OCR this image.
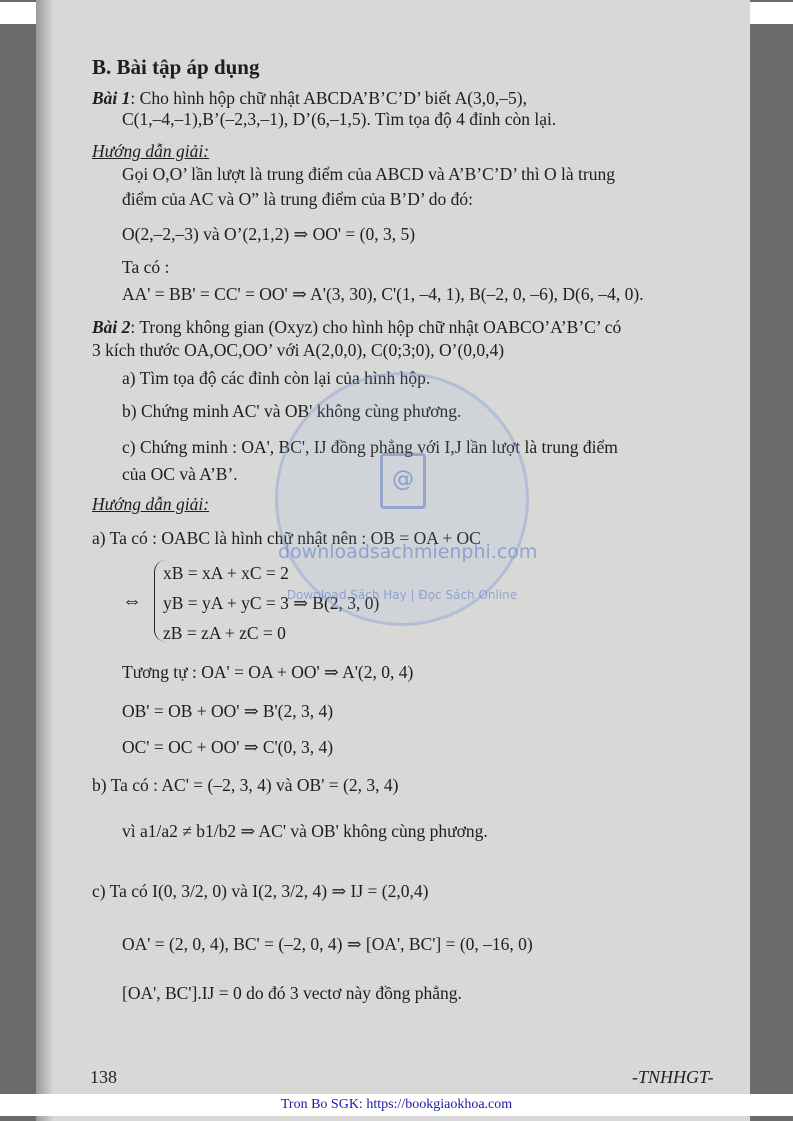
B. Bài tập áp dụng
Bài 1: Cho hình hộp chữ nhật ABCDA’B’C’D’ biết A(3,0,–5),
C(1,–4,–1),B’(–2,3,–1), D’(6,–1,5). Tìm tọa độ 4 đỉnh còn lại.
Hướng dẫn giải:
Gọi O,O’ lần lượt là trung điểm của ABCD và A’B’C’D’ thì O là trung
điểm của AC và O” là trung điểm của B’D’ do đó:
O(2,–2,–3) và O’(2,1,2) ⇒ OO' = (0, 3, 5)
Ta có :
AA' = BB' = CC' = OO' ⇒ A'(3, 30), C'(1, –4, 1), B(–2, 0, –6), D(6, –4, 0).
Bài 2: Trong không gian (Oxyz) cho hình hộp chữ nhật OABCO’A’B’C’ có
3 kích thước OA,OC,OO’ với A(2,0,0), C(0;3;0), O’(0,0,4)
a) Tìm tọa độ các đỉnh còn lại của hình hộp.
b) Chứng minh AC' và OB' không cùng phương.
c) Chứng minh : OA', BC', IJ đồng phẳng với I,J lần lượt là trung điểm
của OC và A’B’.
Hướng dẫn giải:
a) Ta có : OABC là hình chữ nhật nên : OB = OA + OC
⇔
xB = xA + xC = 2
yB = yA + yC = 3 ⇒ B(2, 3, 0)
zB = zA + zC = 0
Tương tự : OA' = OA + OO' ⇒ A'(2, 0, 4)
OB' = OB + OO' ⇒ B'(2, 3, 4)
OC' = OC + OO' ⇒ C'(0, 3, 4)
b) Ta có : AC' = (–2, 3, 4) và OB' = (2, 3, 4)
vì a1/a2 ≠ b1/b2 ⇒ AC' và OB' không cùng phương.
c) Ta có I(0, 3/2, 0) và I(2, 3/2, 4) ⇒ IJ = (2,0,4)
OA' = (2, 0, 4), BC' = (–2, 0, 4) ⇒ [OA', BC'] = (0, –16, 0)
[OA', BC'].IJ = 0 do đó 3 vectơ này đồng phẳng.
@
downloadsachmienphi.com
Download Sách Hay | Đọc Sách Online
138	-TNHHGT-
Tron Bo SGK: https://bookgiaokhoa.com
